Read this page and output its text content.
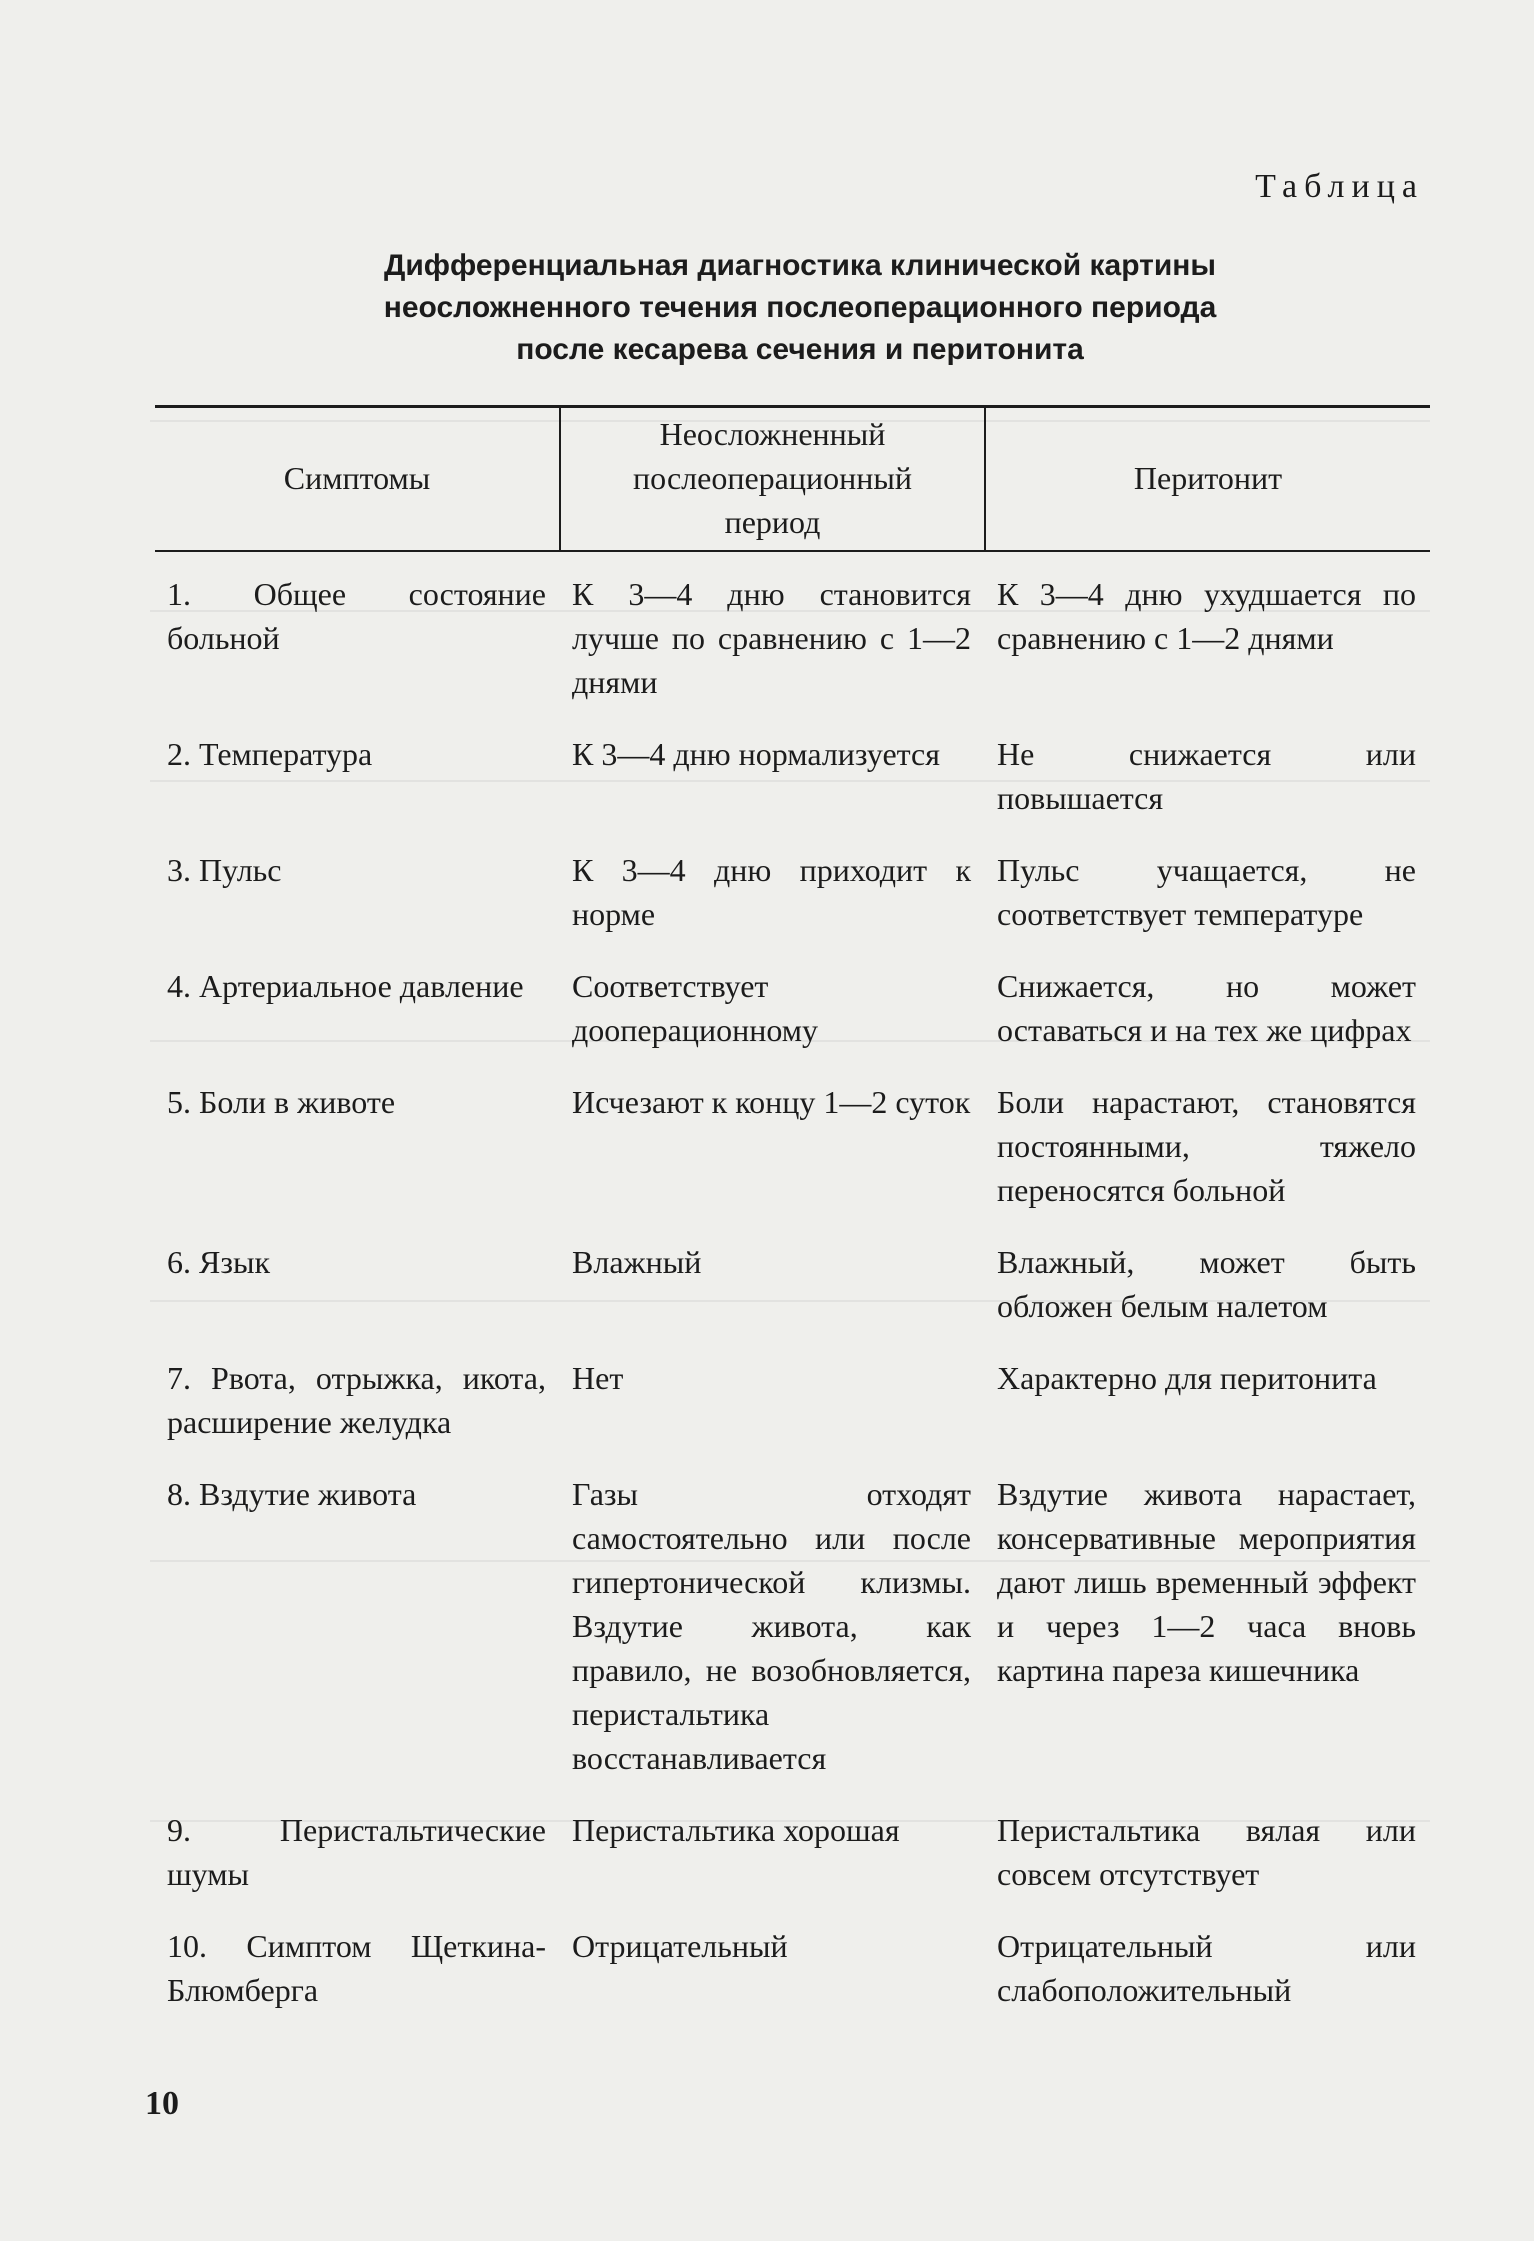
Таблица
Дифференциальная диагностика клинической картины
неосложненного течения послеоперационного периода
после кесарева сечения и перитонита
Симптомы	Неосложненный послеоперационный период	Перитонит
1. Общее состояние больной	К 3—4 дню становится лучше по сравнению с 1—2 днями	К 3—4 дню ухудшается по сравнению с 1—2 днями
2. Температура	К 3—4 дню нормализуется	Не снижается или повышается
3. Пульс	К 3—4 дню приходит к норме	Пульс учащается, не соответствует температуре
4. Артериальное давление	Соответствует дооперационному	Снижается, но может оставаться и на тех же цифрах
5. Боли в животе	Исчезают к концу 1—2 суток	Боли нарастают, становятся постоянными, тяжело переносятся больной
6. Язык	Влажный	Влажный, может быть обложен белым налетом
7. Рвота, отрыжка, икота, расширение желудка	Нет	Характерно для перитонита
8. Вздутие живота	Газы отходят самостоятельно или после гипертонической клизмы. Вздутие живота, как правило, не возобновляется, перистальтика восстанавливается	Вздутие живота нарастает, консервативные мероприятия дают лишь временный эффект и через 1—2 часа вновь картина пареза кишечника
9. Перистальтические шумы	Перистальтика хорошая	Перистальтика вялая или совсем отсутствует
10. Симптом Щеткина-Блюмберга	Отрицательный	Отрицательный или слабоположительный
10
